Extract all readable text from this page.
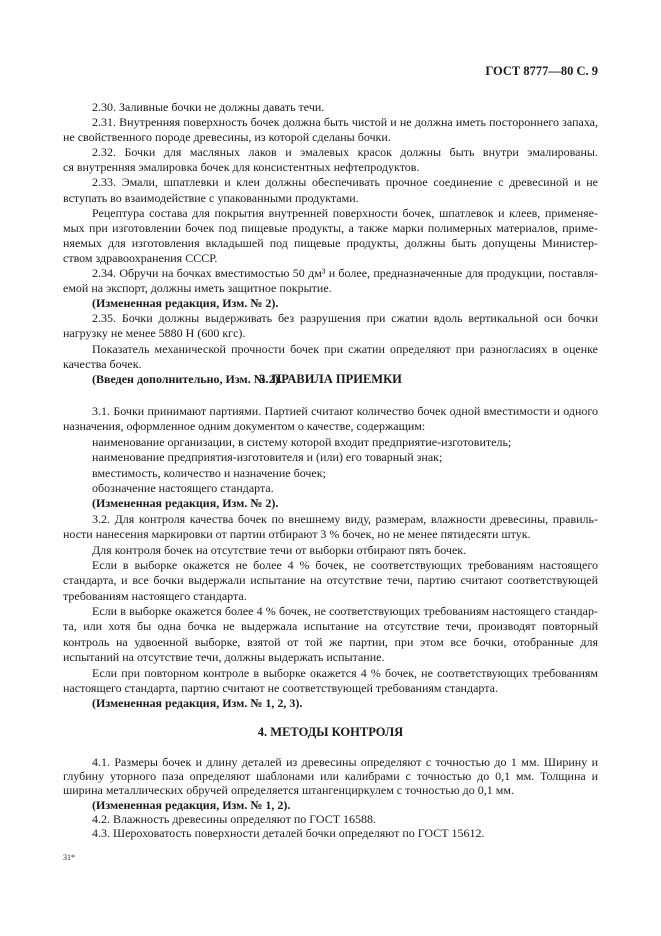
ГОСТ 8777—80 С. 9
2.30. Заливные бочки не должны давать течи.
2.31. Внутренняя поверхность бочек должна быть чистой и не должна иметь постороннего запаха,
не свойственного породе древесины, из которой сделаны бочки.
2.32. Бочки для масляных лаков и эмалевых красок должны быть внутри эмалированы.
ся внутренняя эмалировка бочек для консистентных нефтепродуктов.
2.33. Эмали, шпатлевки и клеи должны обеспечивать прочное соединение с древесиной и не
вступать во взаимодействие с упакованными продуктами.
Рецептура состава для покрытия внутренней поверхности бочек, шпатлевок и клеев, применяе-
мых при изготовлении бочек под пищевые продукты, а также марки полимерных материалов, приме-
няемых для изготовления вкладышей под пищевые продукты, должны быть допущены Министер-
ством здравоохранения СССР.
2.34. Обручи на бочках вместимостью 50 дм³ и более, предназначенные для продукции, поставля-
емой на экспорт, должны иметь защитное покрытие.
(Измененная редакция, Изм. № 2).
2.35. Бочки должны выдерживать без разрушения при сжатии вдоль вертикальной оси бочки
нагрузку не менее 5880 Н (600 кгс).
Показатель механической прочности бочек при сжатии определяют при разногласиях в оценке
качества бочек.
(Введен дополнительно, Изм. № 2).
3. ПРАВИЛА ПРИЕМКИ
3.1. Бочки принимают партиями. Партией считают количество бочек одной вместимости и одного
назначения, оформленное одним документом о качестве, содержащим:
наименование организации, в систему которой входит предприятие-изготовитель;
наименование предприятия-изготовителя и (или) его товарный знак;
вместимость, количество и назначение бочек;
обозначение настоящего стандарта.
(Измененная редакция, Изм. № 2).
3.2. Для контроля качества бочек по внешнему виду, размерам, влажности древесины, правиль-
ности нанесения маркировки от партии отбирают 3 % бочек, но не менее пятидесяти штук.
Для контроля бочек на отсутствие течи от выборки отбирают пять бочек.
Если в выборке окажется не более 4 % бочек, не соответствующих требованиям настоящего
стандарта, и все бочки выдержали испытание на отсутствие течи, партию считают соответствующей
требованиям настоящего стандарта.
Если в выборке окажется более 4 % бочек, не соответствующих требованиям настоящего стандар-
та, или хотя бы одна бочка не выдержала испытание на отсутствие течи, производят повторный
контроль на удвоенной выборке, взятой от той же партии, при этом все бочки, отобранные для
испытаний на отсутствие течи, должны выдержать испытание.
Если при повторном контроле в выборке окажется 4 % бочек, не соответствующих требованиям
настоящего стандарта, партию считают не соответствующей требованиям стандарта.
(Измененная редакция, Изм. № 1, 2, 3).
4. МЕТОДЫ КОНТРОЛЯ
4.1. Размеры бочек и длину деталей из древесины определяют с точностью до 1 мм. Ширину и
глубину уторного паза определяют шаблонами или калибрами с точностью до 0,1 мм. Толщина и
ширина металлических обручей определяется штангенциркулем с точностью до 0,1 мм.
(Измененная редакция, Изм. № 1, 2).
4.2. Влажность древесины определяют по ГОСТ 16588.
4.3. Шероховатость поверхности деталей бочки определяют по ГОСТ 15612.
31*
